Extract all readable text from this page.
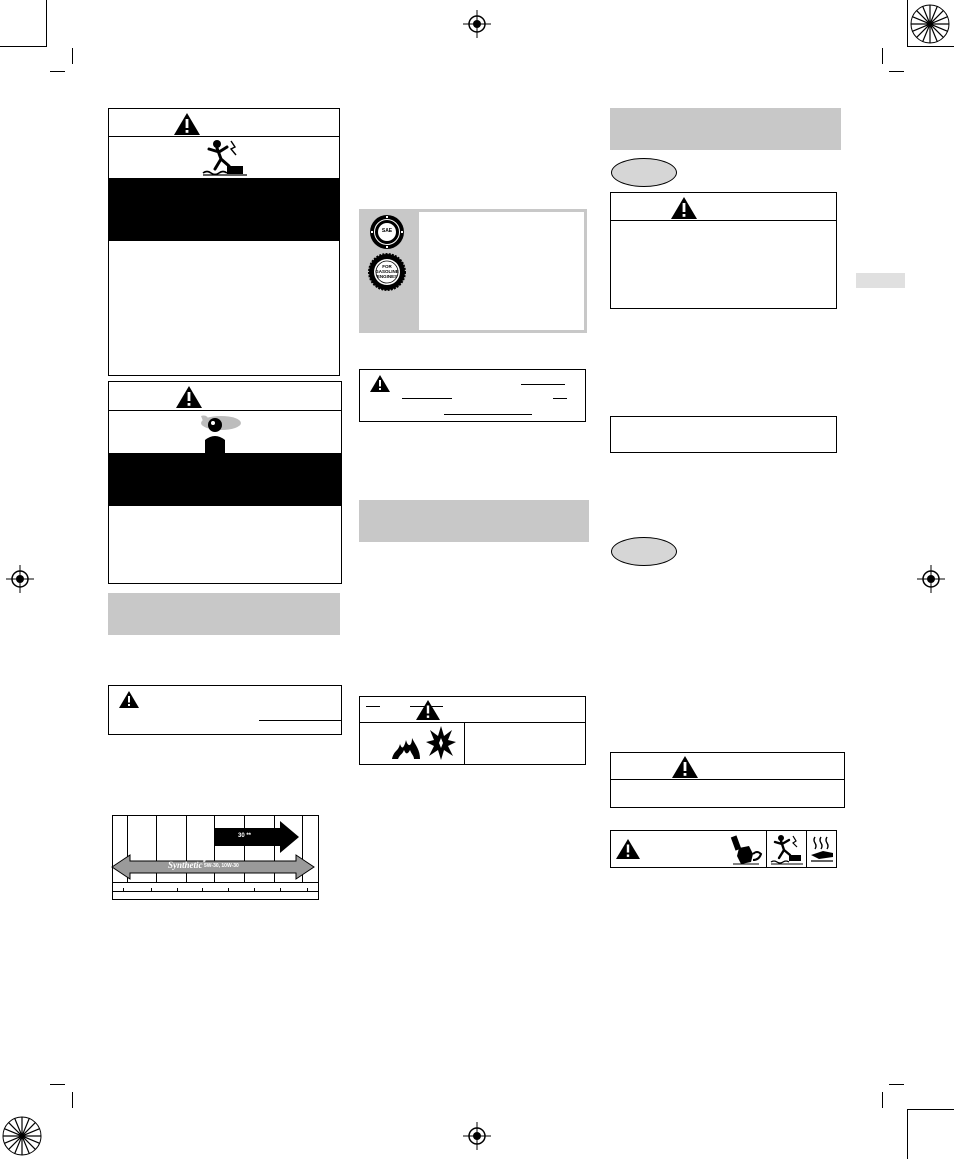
30 **
Synthetic*
5W-30, 10W-30
SAE
FOR GASOLINE ENGINES
